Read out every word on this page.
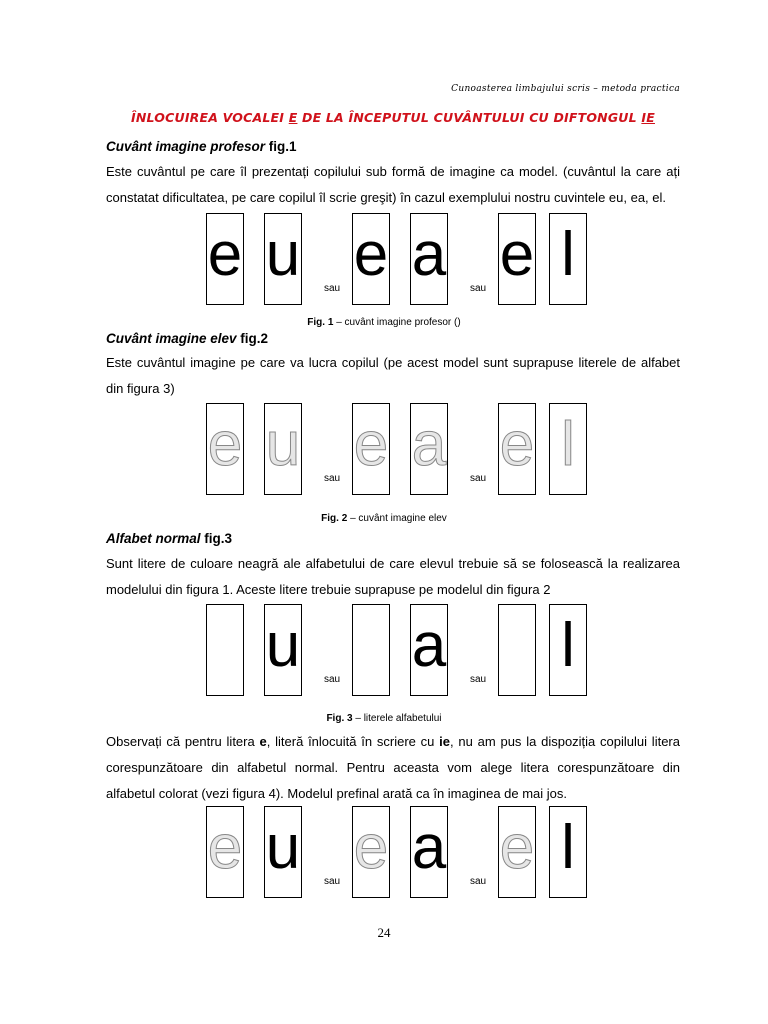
Cunoasterea limbajului scris – metoda practica
ÎNLOCUIREA VOCALEI E DE LA ÎNCEPUTUL CUVÂNTULUI CU DIFTONGUL IE
Cuvânt imagine profesor fig.1
Este cuvântul pe care îl prezentați copilului sub formă de imagine ca model. (cuvântul la care ați constatat dificultatea, pe care copilul îl scrie greşit) în cazul exemplului nostru cuvintele eu, ea, el.
e u sau e a sau e l
Fig. 1 – cuvânt imagine profesor ()
Cuvânt imagine elev fig.2
Este cuvântul imagine pe care va lucra copilul (pe acest model sunt suprapuse literele de alfabet din figura 3)
e u sau e a sau e l
Fig. 2 – cuvânt imagine elev
Alfabet normal fig.3
Sunt litere de culoare neagră ale alfabetului de care elevul trebuie să se folosească la realizarea modelului din figura 1. Aceste litere trebuie suprapuse pe modelul din figura 2
u sau a sau l
Fig. 3 – literele alfabetului
Observați că pentru litera e, literă înlocuită în scriere cu ie, nu am pus la dispoziția copilului litera corespunzătoare din alfabetul normal. Pentru aceasta vom alege litera corespunzătoare din alfabetul colorat (vezi figura 4). Modelul prefinal arată ca în imaginea de mai jos.
e u sau e a sau e l
24
